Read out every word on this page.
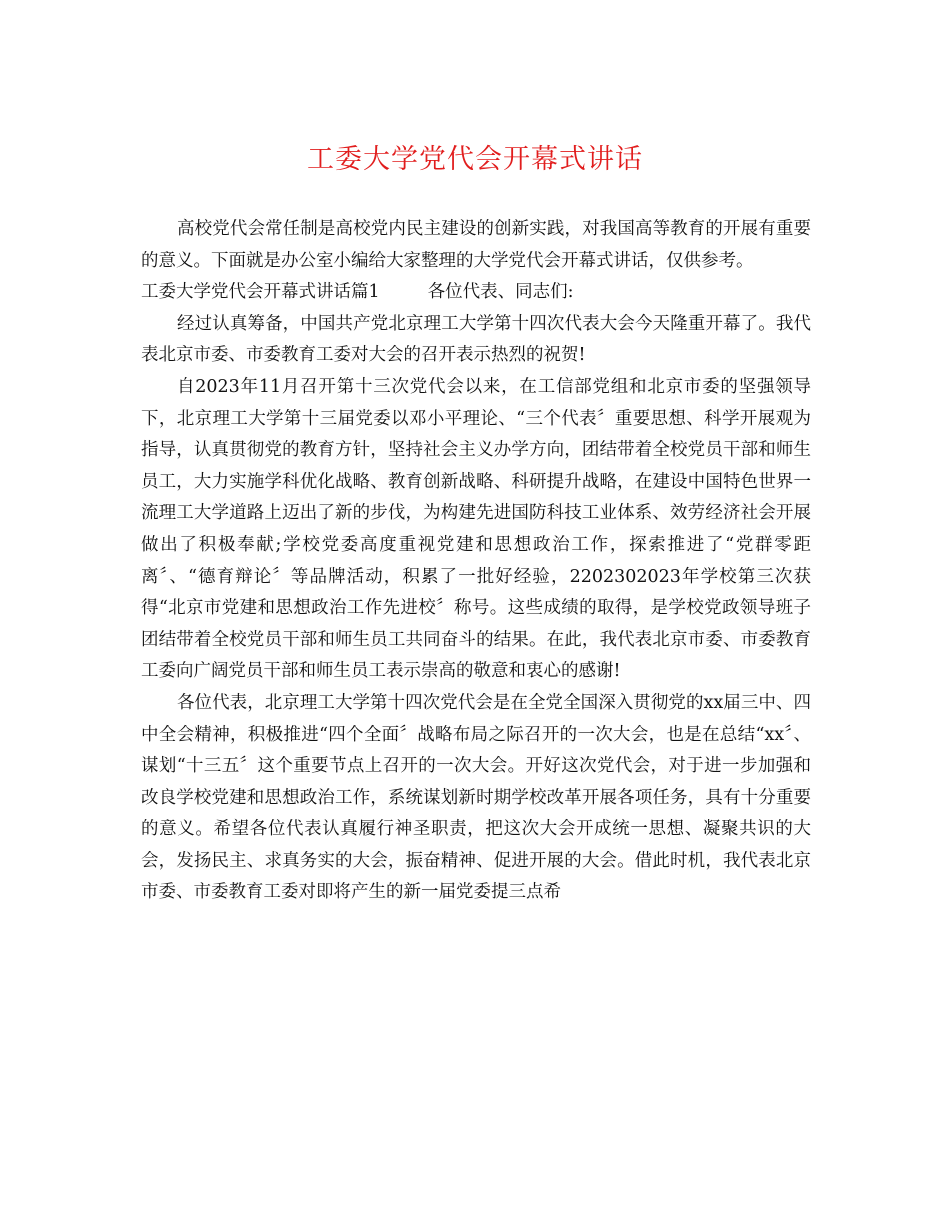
工委大学党代会开幕式讲话

高校党代会常任制是高校党内民主建设的创新实践，对我国高等教育的开展有重要的意义。下面就是办公室小编给大家整理的大学党代会开幕式讲话，仅供参考。

工委大学党代会开幕式讲话篇1	各位代表、同志们:

经过认真筹备，中国共产党北京理工大学第十四次代表大会今天隆重开幕了。我代表北京市委、市委教育工委对大会的召开表示热烈的祝贺!

自2023年11月召开第十三次党代会以来，在工信部党组和北京市委的坚强领导下，北京理工大学第十三届党委以邓小平理论、“三个代表〞重要思想、科学开展观为指导，认真贯彻党的教育方针，坚持社会主义办学方向，团结带着全校党员干部和师生员工，大力实施学科优化战略、教育创新战略、科研提升战略，在建设中国特色世界一流理工大学道路上迈出了新的步伐，为构建先进国防科技工业体系、效劳经济社会开展做出了积极奉献;学校党委高度重视党建和思想政治工作，探索推进了“党群零距离〞、“德育辩论〞等品牌活动，积累了一批好经验，2202302023年学校第三次获得“北京市党建和思想政治工作先进校〞称号。这些成绩的取得，是学校党政领导班子团结带着全校党员干部和师生员工共同奋斗的结果。在此，我代表北京市委、市委教育工委向广阔党员干部和师生员工表示崇高的敬意和衷心的感谢!

各位代表，北京理工大学第十四次党代会是在全党全国深入贯彻党的xx届三中、四中全会精神，积极推进“四个全面〞战略布局之际召开的一次大会，也是在总结“xx〞、谋划“十三五〞这个重要节点上召开的一次大会。开好这次党代会，对于进一步加强和改良学校党建和思想政治工作，系统谋划新时期学校改革开展各项任务，具有十分重要的意义。希望各位代表认真履行神圣职责，把这次大会开成统一思想、凝聚共识的大会，发扬民主、求真务实的大会，振奋精神、促进开展的大会。借此时机，我代表北京市委、市委教育工委对即将产生的新一届党委提三点希
